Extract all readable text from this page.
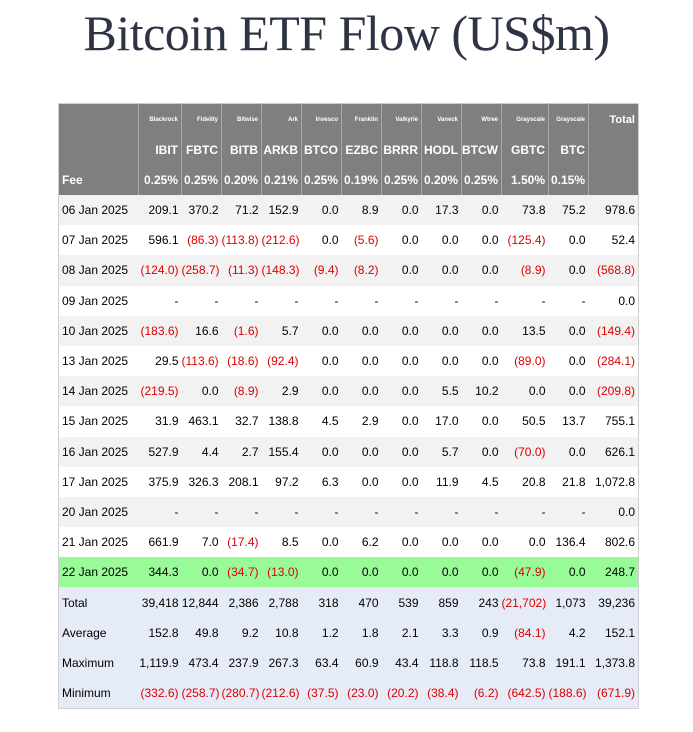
Bitcoin ETF Flow (US$m)
	Blackrock	Fidelity	Bitwise	Ark	Invesco	Franklin	Valkyrie	Vaneck	Wtree	Grayscale	Grayscale	Total
	IBIT	FBTC	BITB	ARKB	BTCO	EZBC	BRRR	HODL	BTCW	GBTC	BTC	
Fee	0.25%	0.25%	0.20%	0.21%	0.25%	0.19%	0.25%	0.20%	0.25%	1.50%	0.15%	
06 Jan 2025	209.1	370.2	71.2	152.9	0.0	8.9	0.0	17.3	0.0	73.8	75.2	978.6
07 Jan 2025	596.1	(86.3)	(113.8)	(212.6)	0.0	(5.6)	0.0	0.0	0.0	(125.4)	0.0	52.4
08 Jan 2025	(124.0)	(258.7)	(11.3)	(148.3)	(9.4)	(8.2)	0.0	0.0	0.0	(8.9)	0.0	(568.8)
09 Jan 2025	-	-	-	-	-	-	-	-	-	-	-	0.0
10 Jan 2025	(183.6)	16.6	(1.6)	5.7	0.0	0.0	0.0	0.0	0.0	13.5	0.0	(149.4)
13 Jan 2025	29.5	(113.6)	(18.6)	(92.4)	0.0	0.0	0.0	0.0	0.0	(89.0)	0.0	(284.1)
14 Jan 2025	(219.5)	0.0	(8.9)	2.9	0.0	0.0	0.0	5.5	10.2	0.0	0.0	(209.8)
15 Jan 2025	31.9	463.1	32.7	138.8	4.5	2.9	0.0	17.0	0.0	50.5	13.7	755.1
16 Jan 2025	527.9	4.4	2.7	155.4	0.0	0.0	0.0	5.7	0.0	(70.0)	0.0	626.1
17 Jan 2025	375.9	326.3	208.1	97.2	6.3	0.0	0.0	11.9	4.5	20.8	21.8	1,072.8
20 Jan 2025	-	-	-	-	-	-	-	-	-	-	-	0.0
21 Jan 2025	661.9	7.0	(17.4)	8.5	0.0	6.2	0.0	0.0	0.0	0.0	136.4	802.6
22 Jan 2025	344.3	0.0	(34.7)	(13.0)	0.0	0.0	0.0	0.0	0.0	(47.9)	0.0	248.7
Total	39,418	12,844	2,386	2,788	318	470	539	859	243	(21,702)	1,073	39,236
Average	152.8	49.8	9.2	10.8	1.2	1.8	2.1	3.3	0.9	(84.1)	4.2	152.1
Maximum	1,119.9	473.4	237.9	267.3	63.4	60.9	43.4	118.8	118.5	73.8	191.1	1,373.8
Minimum	(332.6)	(258.7)	(280.7)	(212.6)	(37.5)	(23.0)	(20.2)	(38.4)	(6.2)	(642.5)	(188.6)	(671.9)
